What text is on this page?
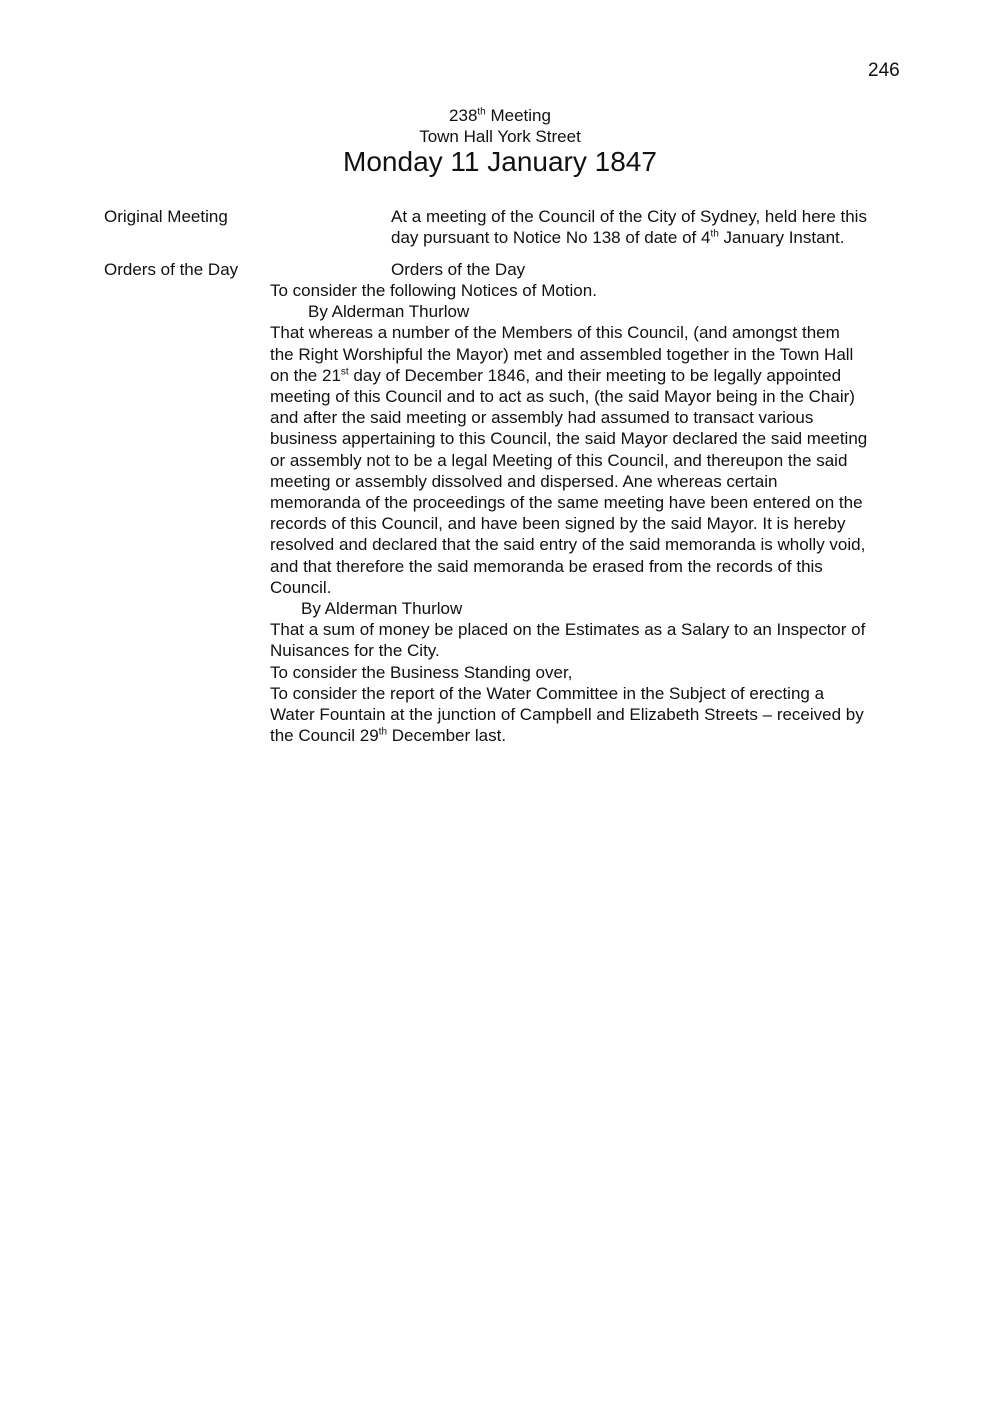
246
238th Meeting
Town Hall York Street
Monday 11 January 1847
Original Meeting	At a meeting of the Council of the City of Sydney, held here this
day pursuant to Notice No 138 of date of 4th January Instant.
Orders of the Day	Orders of the Day
To consider the following Notices of Motion.
By Alderman Thurlow
That whereas a number of the Members of this Council, (and amongst them
the Right Worshipful the Mayor) met and assembled together in the Town Hall
on the 21st day of December 1846, and their meeting to be legally appointed
meeting of this Council and to act as such, (the said Mayor being in the Chair)
and after the said meeting or assembly had assumed to transact various
business appertaining to this Council, the said Mayor declared the said meeting
or assembly not to be a legal Meeting of this Council, and thereupon the said
meeting or assembly dissolved and dispersed. Ane whereas certain
memoranda of the proceedings of the same meeting have been entered on the
records of this Council, and have been signed by the said Mayor. It is hereby
resolved and declared that the said entry of the said memoranda is wholly void,
and that therefore the said memoranda be erased from the records of this
Council.
By Alderman Thurlow
That a sum of money be placed on the Estimates as a Salary to an Inspector of
Nuisances for the City.
To consider the Business Standing over,
To consider the report of the Water Committee in the Subject of erecting a
Water Fountain at the junction of Campbell and Elizabeth Streets – received by
the Council 29th December last.
